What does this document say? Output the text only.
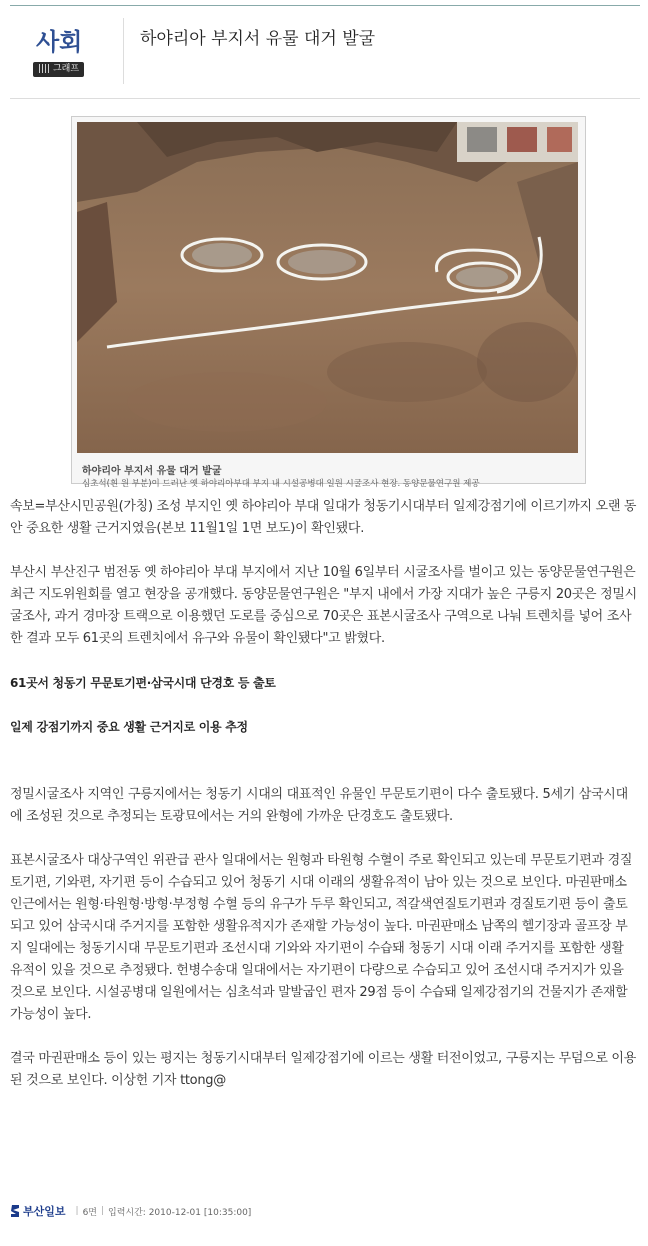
사회
|||| 그래프
하야리아 부지서 유물 대거 발굴
하야리아 부지서 유물 대거 발굴
심초석(흰 원 부분)이 드러난 옛 하야리아부대 부지 내 시설공병대 일원 시굴조사 현장. 동양문물연구원 제공

속보=부산시민공원(가칭) 조성 부지인 옛 하야리아 부대 일대가 청동기시대부터 일제강점기에 이르기까지 오랜 동안 중요한 생활 근거지였음(본보 11월1일 1면 보도)이 확인됐다.

부산시 부산진구 범전동 옛 하야리아 부대 부지에서 지난 10월 6일부터 시굴조사를 벌이고 있는 동양문물연구원은 최근 지도위원회를 열고 현장을 공개했다. 동양문물연구원은 "부지 내에서 가장 지대가 높은 구릉지 20곳은 정밀시굴조사, 과거 경마장 트랙으로 이용했던 도로를 중심으로 70곳은 표본시굴조사 구역으로 나눠 트렌치를 넣어 조사한 결과 모두 61곳의 트렌치에서 유구와 유물이 확인됐다"고 밝혔다.

61곳서 청동기 무문토기편·삼국시대 단경호 등 출토

일제 강점기까지 중요 생활 근거지로 이용 추정

정밀시굴조사 지역인 구릉지에서는 청동기 시대의 대표적인 유물인 무문토기편이 다수 출토됐다. 5세기 삼국시대에 조성된 것으로 추정되는 토광묘에서는 거의 완형에 가까운 단경호도 출토됐다.

표본시굴조사 대상구역인 위관급 관사 일대에서는 원형과 타원형 수혈이 주로 확인되고 있는데 무문토기편과 경질토기편, 기와편, 자기편 등이 수습되고 있어 청동기 시대 이래의 생활유적이 남아 있는 것으로 보인다. 마권판매소 인근에서는 원형·타원형·방형·부정형 수혈 등의 유구가 두루 확인되고, 적갈색연질토기편과 경질토기편 등이 출토되고 있어 삼국시대 주거지를 포함한 생활유적지가 존재할 가능성이 높다. 마권판매소 남쪽의 헬기장과 골프장 부지 일대에는 청동기시대 무문토기편과 조선시대 기와와 자기편이 수습돼 청동기 시대 이래 주거지를 포함한 생활 유적이 있을 것으로 추정됐다. 헌병수송대 일대에서는 자기편이 다량으로 수습되고 있어 조선시대 주거지가 있을 것으로 보인다. 시설공병대 일원에서는 심초석과 말발굽인 편자 29점 등이 수습돼 일제강점기의 건물지가 존재할 가능성이 높다.

결국 마권판매소 등이 있는 평지는 청동기시대부터 일제강점기에 이르는 생활 터전이었고, 구릉지는 무덤으로 이용된 것으로 보인다. 이상헌 기자 ttong@

부산일보 | 6면 | 입력시간: 2010-12-01 [10:35:00]
